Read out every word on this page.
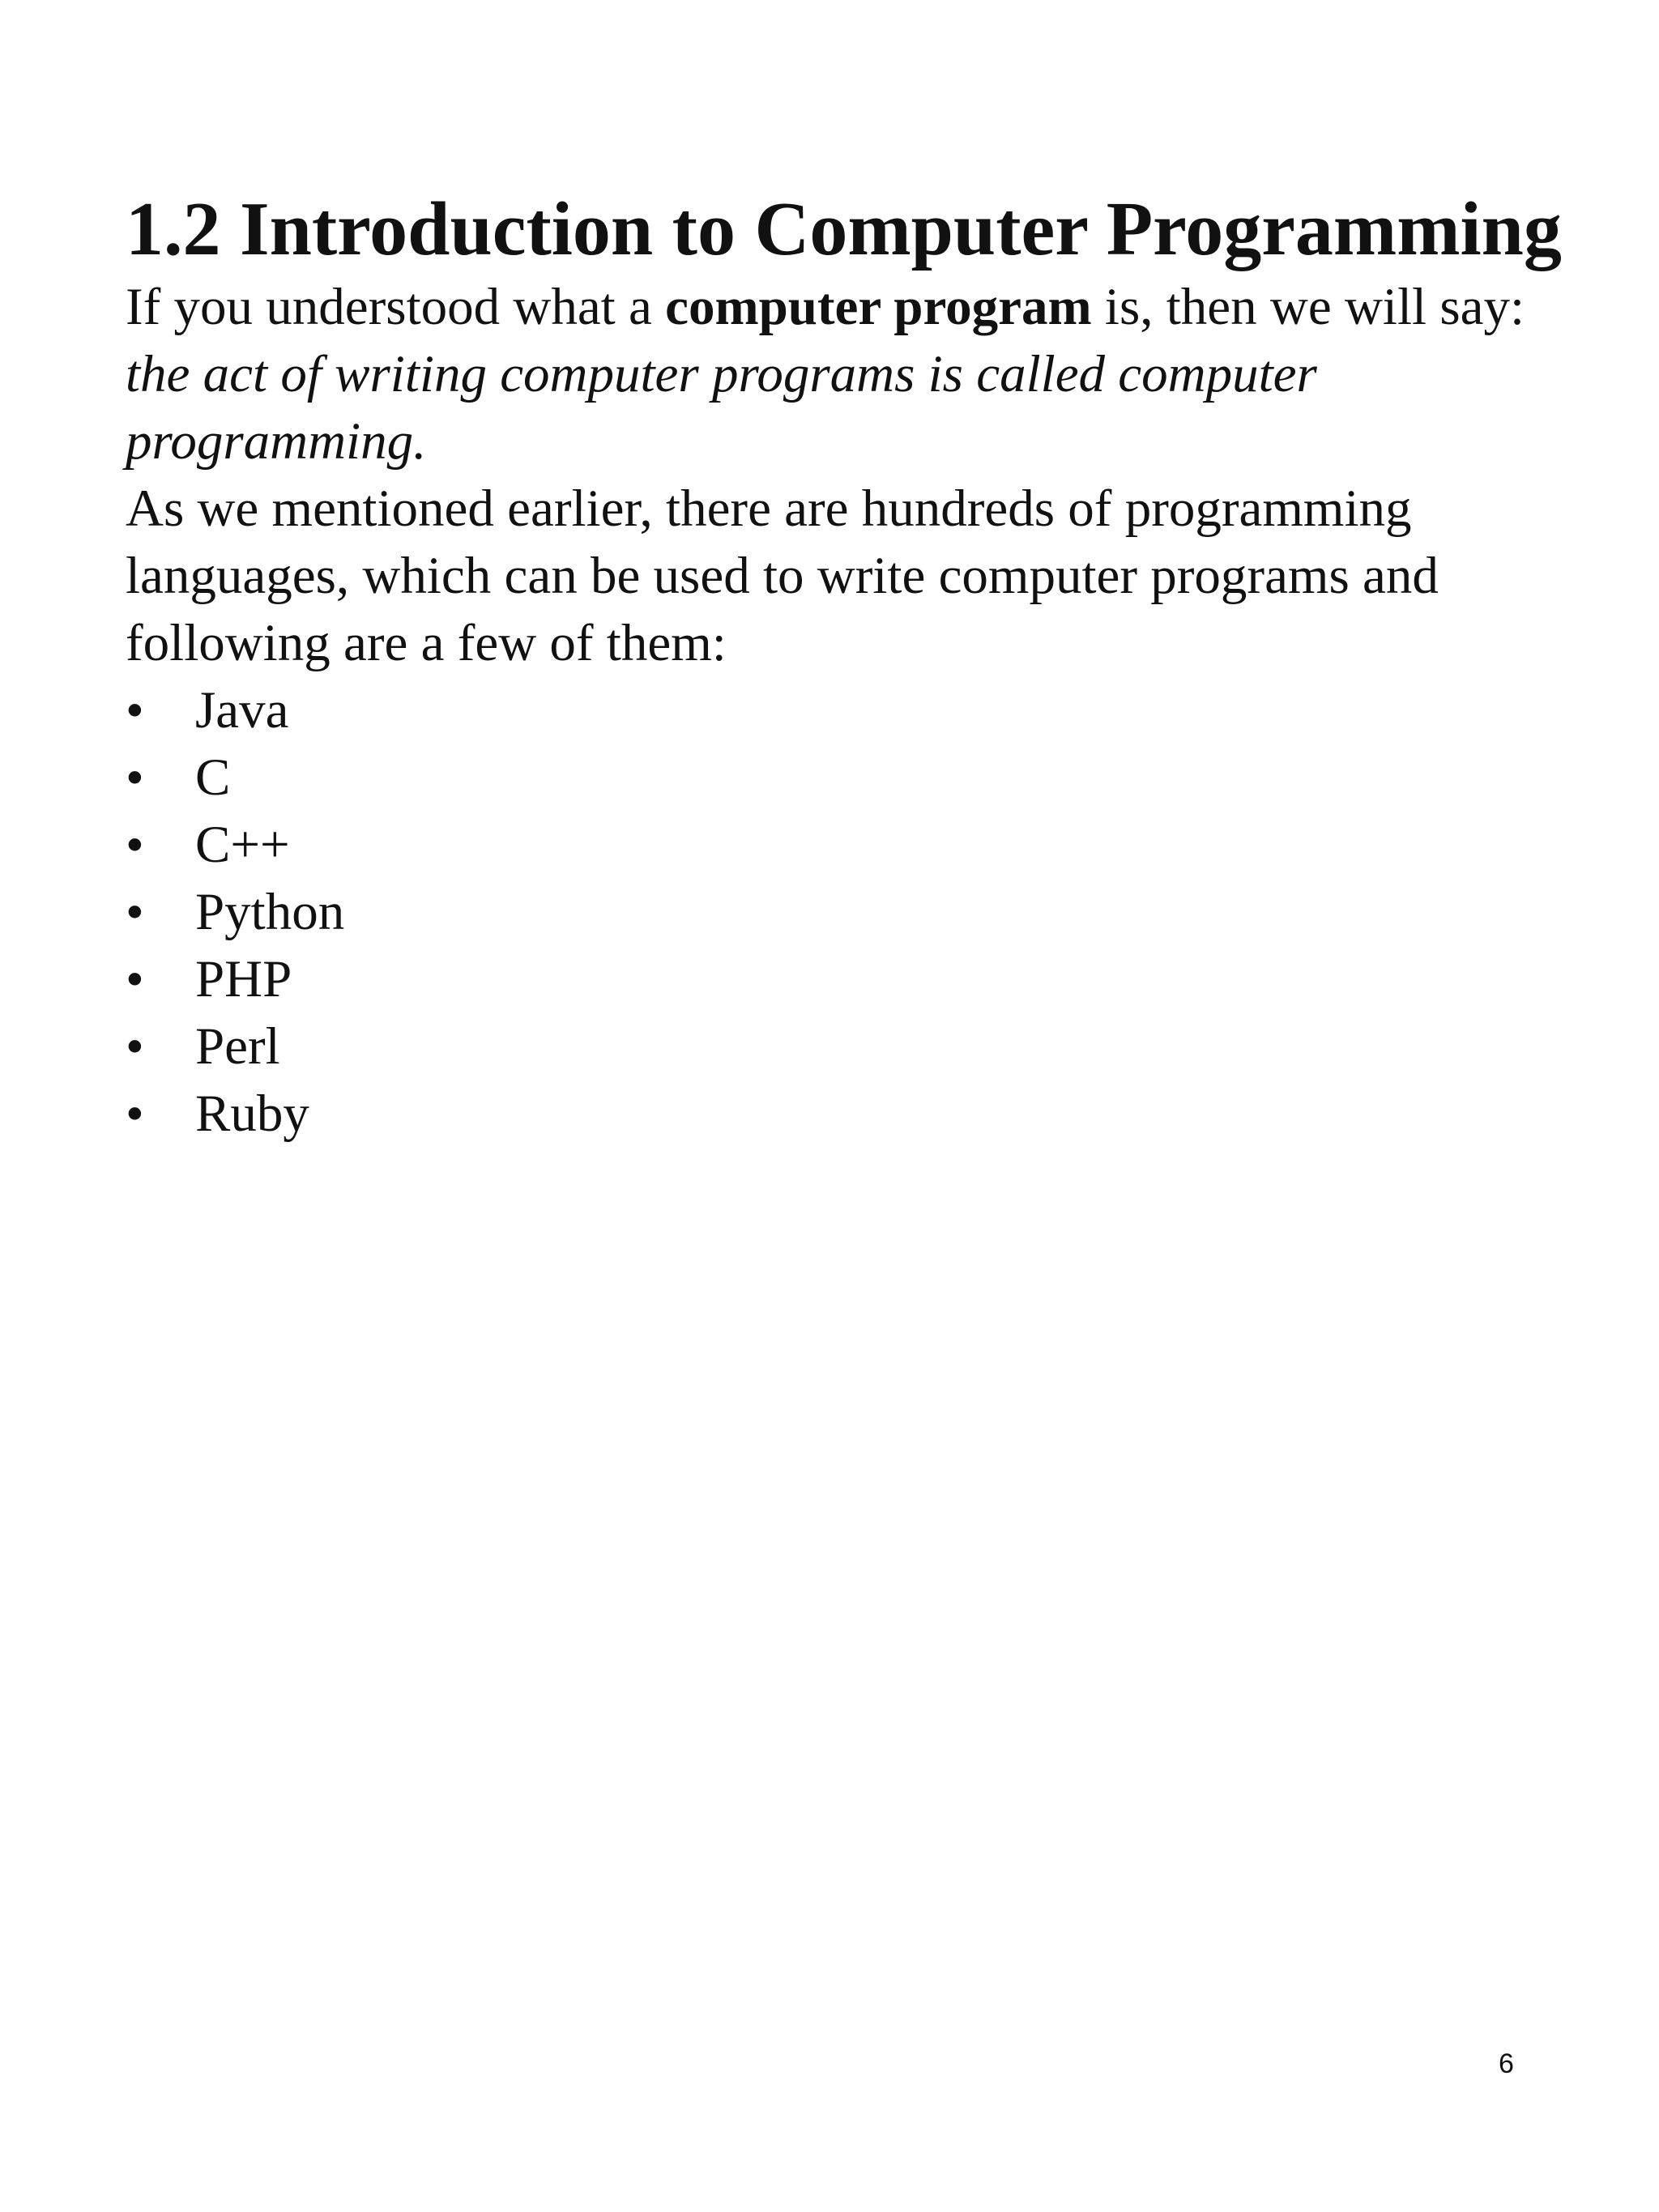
1.2 Introduction to Computer Programming
If you understood what a computer program is, then we will say:
the act of writing computer programs is called computer
programming.
As we mentioned earlier, there are hundreds of programming
languages, which can be used to write computer programs and
following are a few of them:
• Java
• C
• C++
• Python
• PHP
• Perl
• Ruby
6
